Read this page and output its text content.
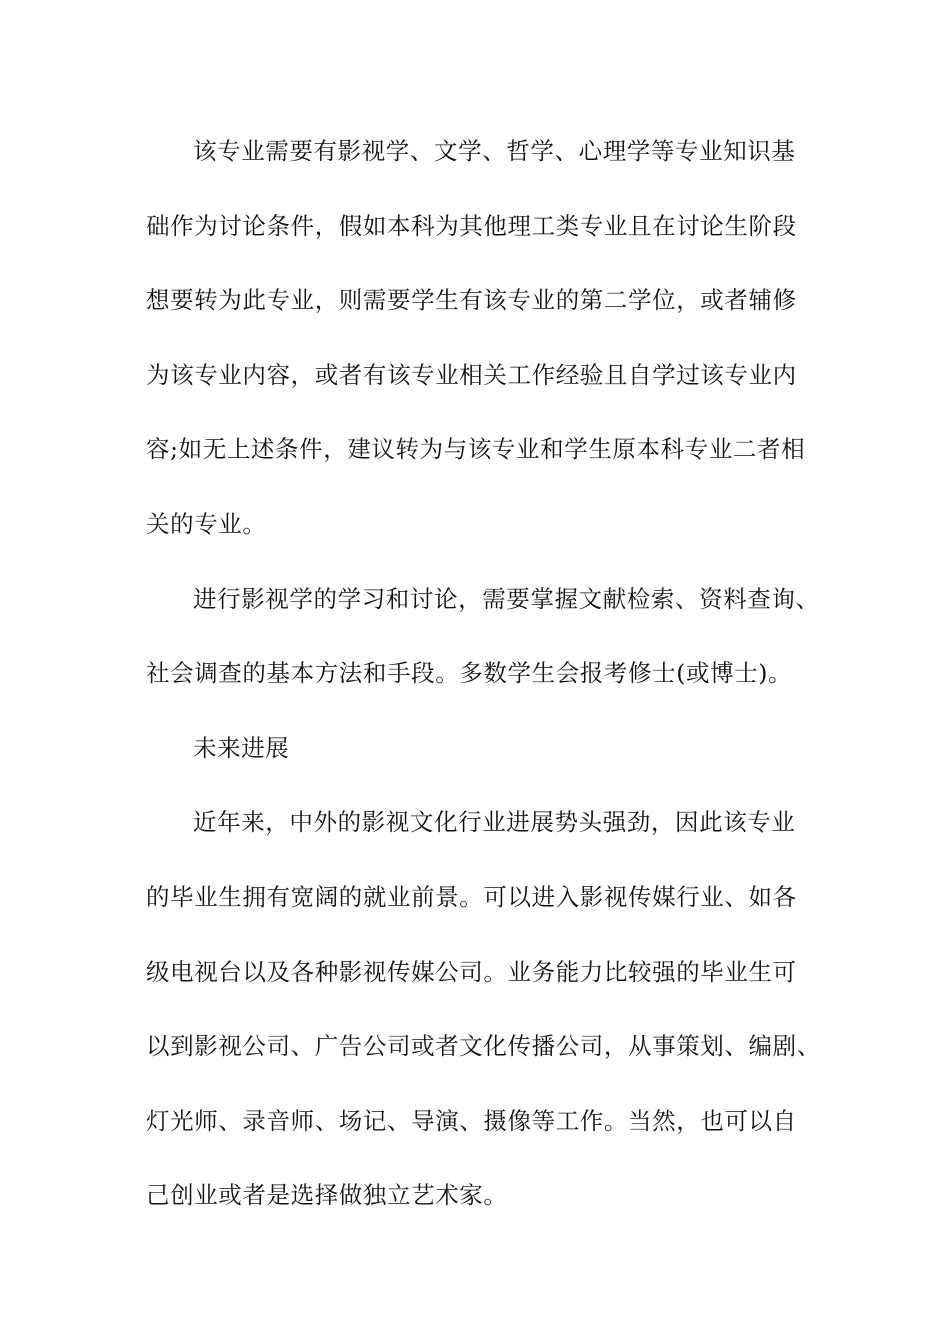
该专业需要有影视学、文学、哲学、心理学等专业知识基
础作为讨论条件，假如本科为其他理工类专业且在讨论生阶段
想要转为此专业，则需要学生有该专业的第二学位，或者辅修
为该专业内容，或者有该专业相关工作经验且自学过该专业内
容;如无上述条件，建议转为与该专业和学生原本科专业二者相
关的专业。
进行影视学的学习和讨论，需要掌握文献检索、资料查询、
社会调查的基本方法和手段。多数学生会报考修士(或博士)。
未来进展
近年来，中外的影视文化行业进展势头强劲，因此该专业
的毕业生拥有宽阔的就业前景。可以进入影视传媒行业、如各
级电视台以及各种影视传媒公司。业务能力比较强的毕业生可
以到影视公司、广告公司或者文化传播公司，从事策划、编剧、
灯光师、录音师、场记、导演、摄像等工作。当然，也可以自
己创业或者是选择做独立艺术家。
